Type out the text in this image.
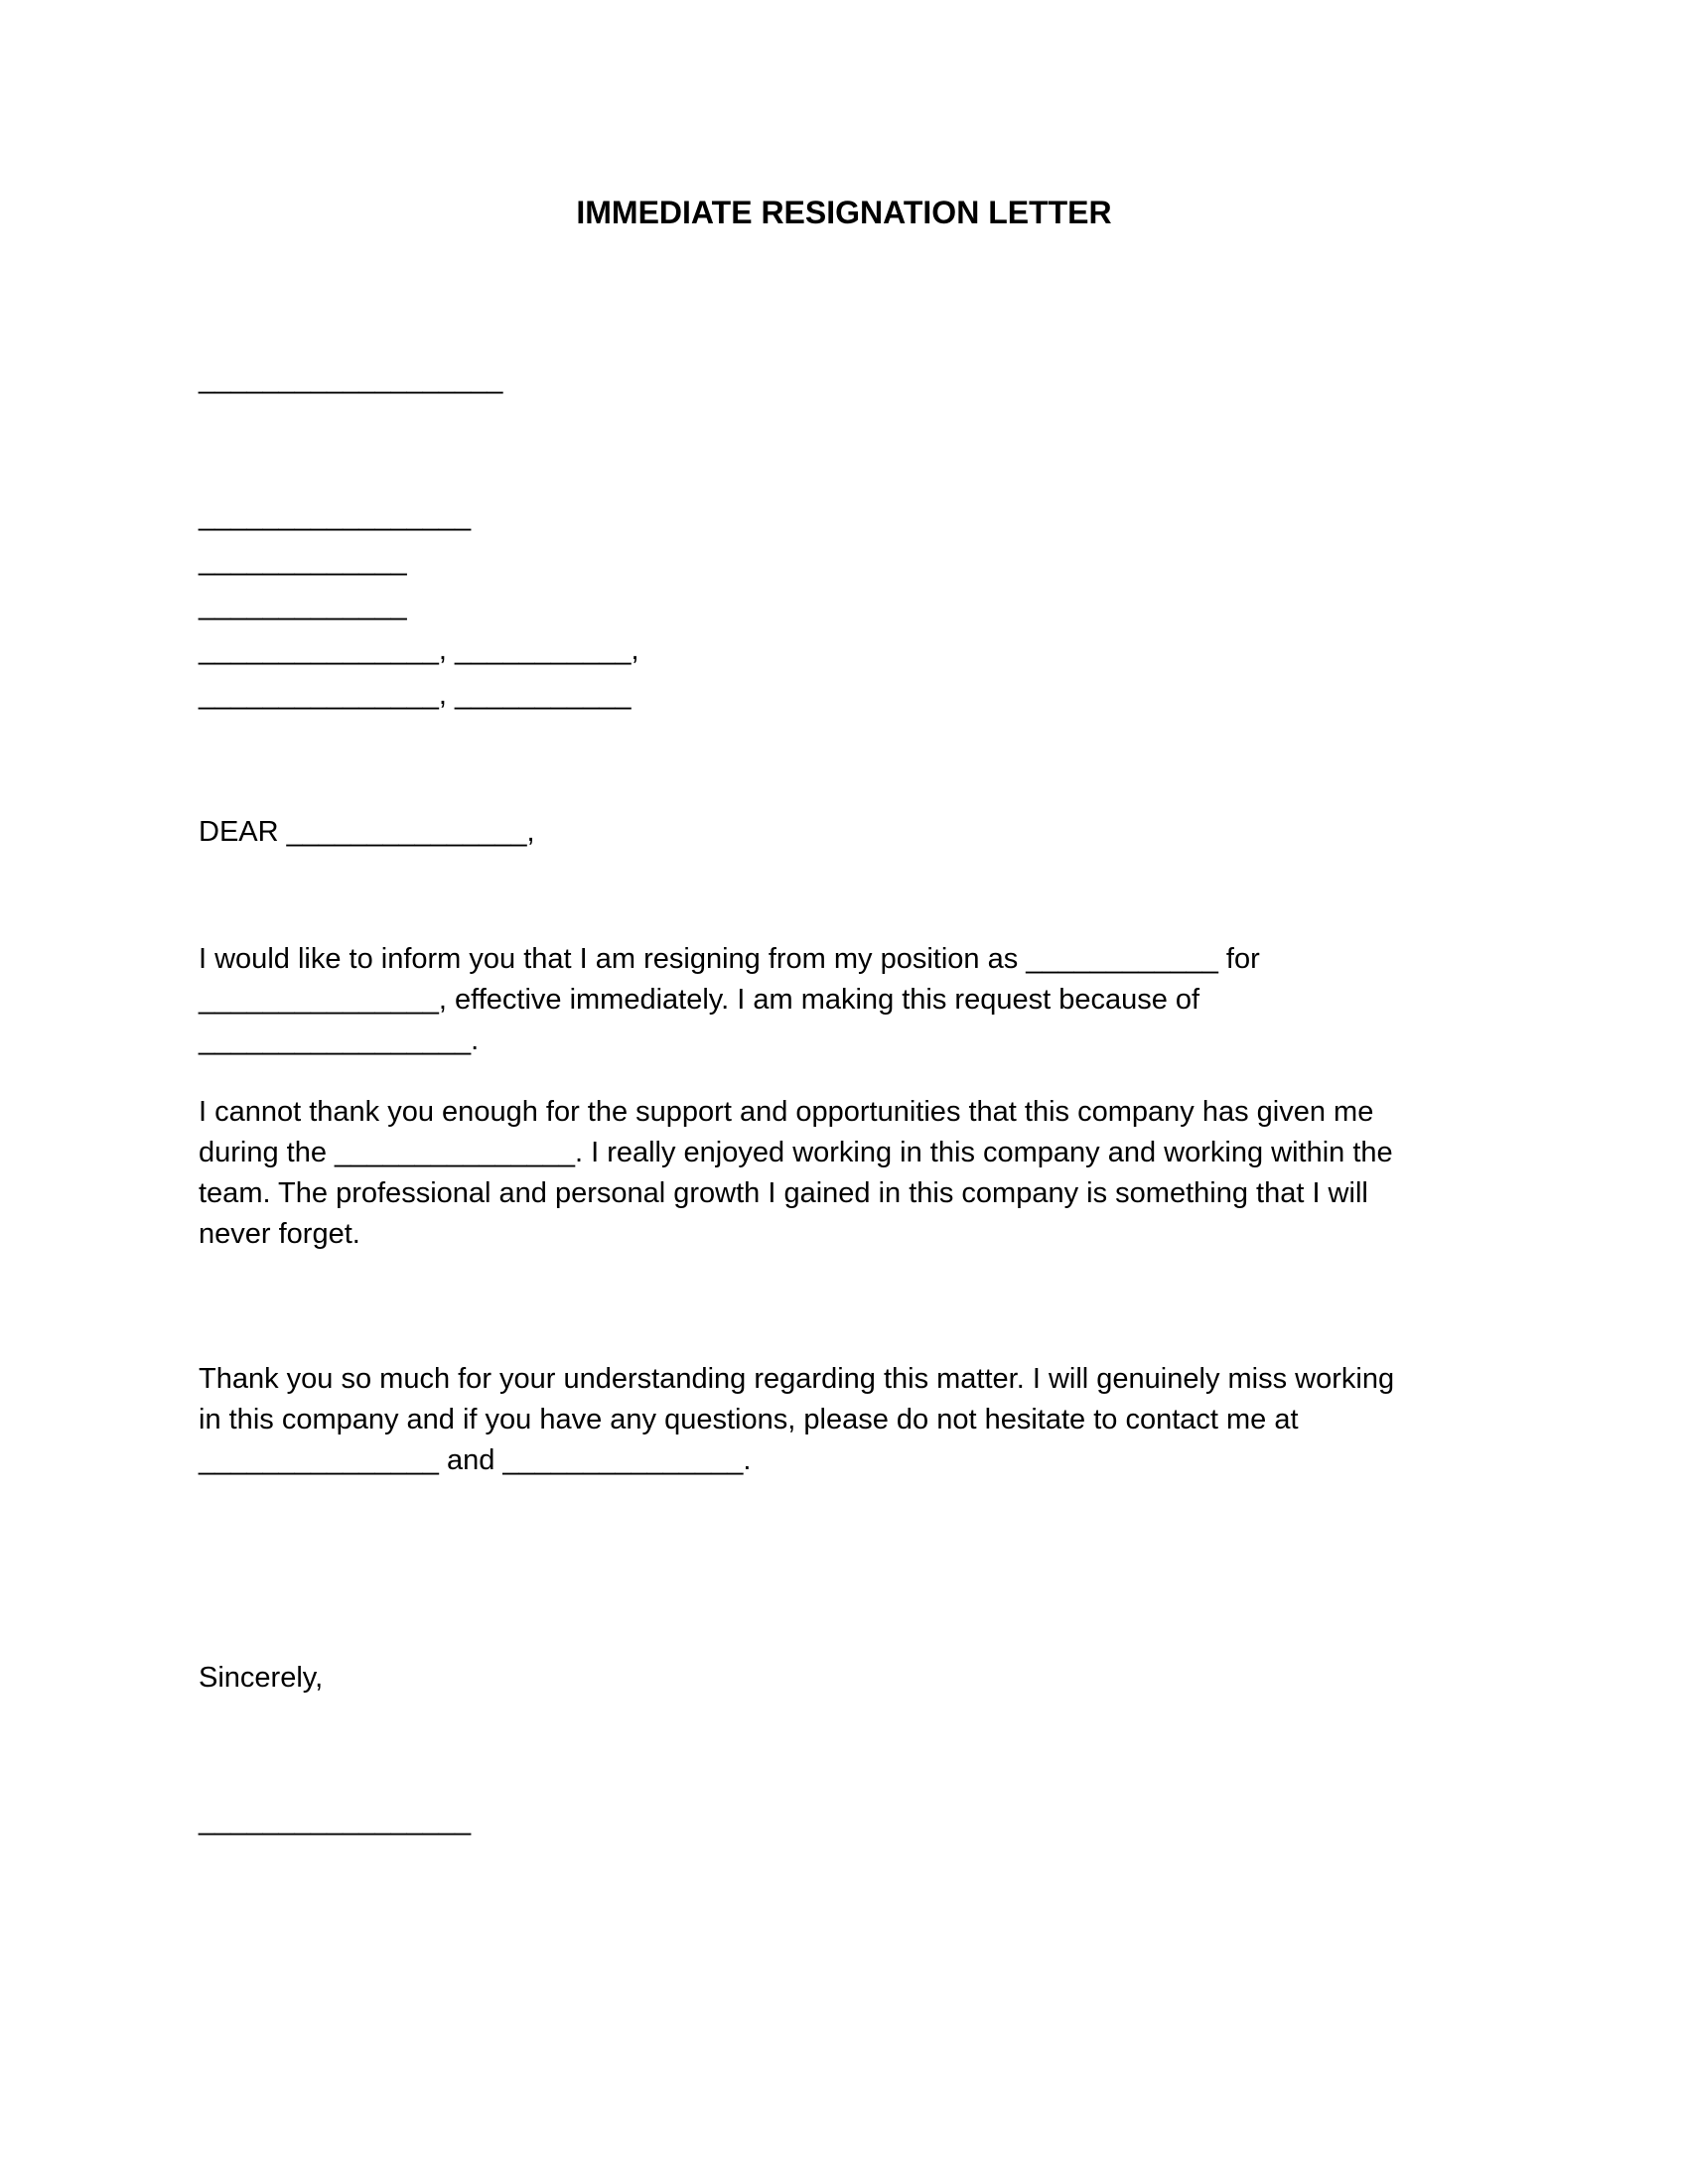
IMMEDIATE RESIGNATION LETTER
___________________
_________________
_____________
_____________
_______________, ___________,
_______________, ___________
DEAR _______________,
I would like to inform you that I am resigning from my position as ____________ for
_______________, effective immediately. I am making this request because of
_________________.
I cannot thank you enough for the support and opportunities that this company has given me
during the _______________. I really enjoyed working in this company and working within the
team. The professional and personal growth I gained in this company is something that I will
never forget.
Thank you so much for your understanding regarding this matter. I will genuinely miss working
in this company and if you have any questions, please do not hesitate to contact me at
_______________ and _______________.
Sincerely,
_________________
